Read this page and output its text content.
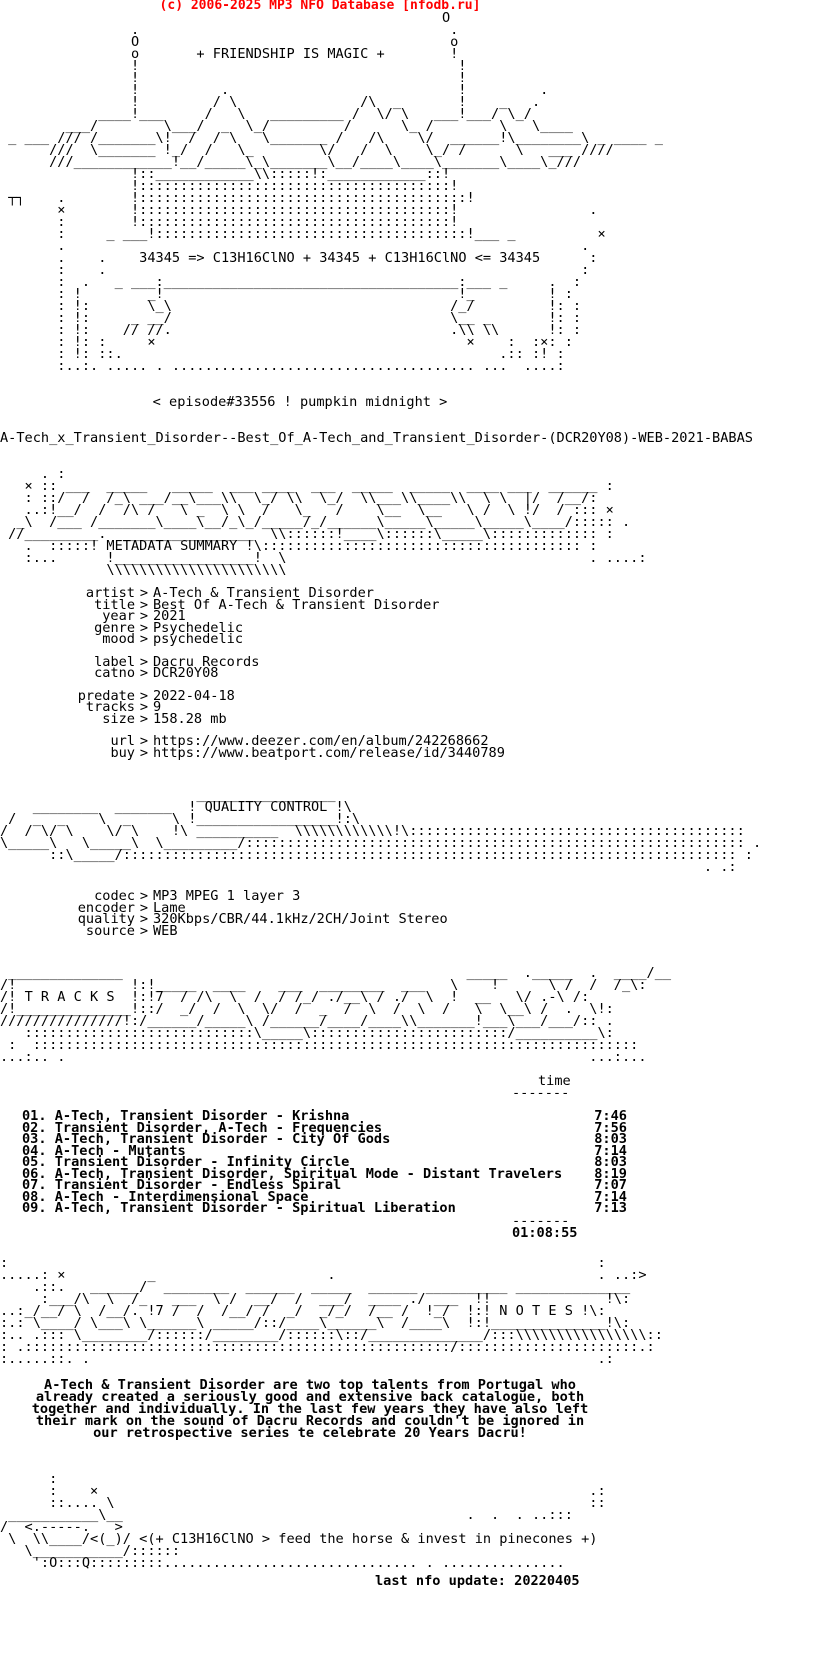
(c) 2006-2025 MP3 NFO Database [nfodb.ru]
O
.                                      .
O                                      o
o	+ FRIENDSHIP IS MAGIC +	!
!                                       !
!                                       !
!          .                            !         .
!         / \               /\  _       !    _   .
____!___     /   \   _________ /  \/ \   ___!___/ \_/
___/        \___/  _  \_/         /      \_ /        \   \____
_ ___ /// /_______\!  /  / \   \_______ /   /\    \/  ______!\________\ _ ____ _
///  \_______ !_/  /   \_        \/   /  \    \_/ /      \   ___ ////
///____________!__/_____\_\_______\__/____\____\_______\____\_///
!::____________\\:::::!:____________::!
!::::::::::::::::::::::::::::::::::::::!
┬┐    .        !::::::::::::::::::::::::::::::::::::::::!
×        !::::::::::::::::::::::::::::::::::::::!                .
:        !::::::::::::::::::::::::::::::::::::::!
:     _ ___!::::::::::::::::::::::::::::::::::::::!___ _          ×
.                                                               .
.    .    34345 => C13H16ClNO + 34345 + C13H16ClNO <= 34345	:
:    .                                                          :
:  .   _ ___:____________________________________:___ _     .  :
: !        _!                                    !_         ! :
: !:       \_\                                  /_/         !: :
: !:     _ __/                                  \__ _       !: :
: !:    // //.                                  .\\ \\      !: :
: !: :     ×                                      ×    :  :×: :
: !: ::.                                              .:: :! :
:..:. ..... . ..................................... ...  ....:
< episode#33556 ! pumpkin midnight >
A-Tech_x_Transient_Disorder--Best_Of_A-Tech_and_Transient_Disorder-(DCR20Y08)-WEB-2021-BABAS
. :
× :: ___  _____   _____  ___ ____  ___  _____  _____  ____ ___  ______ :
: ::/  /  /_\ ___/__\___\\  \_/ \\  \_/  \\___\\____\\  \ \  |/  /__/:
..:!__/  /  /\ /   \ _  \ \  /   \_   /    \__  \__   \ /  \ !/  / ::: ×
_\  /___ /_______\____\__/_\_/_____/_/______\_____\_____\_____\____/::::: .
//_________.  ________________  \\::::::!____\::::::\_____\::::::::::::: :
.  :::::! METADATA SUMMARY !\::::::::::::::::::::::::::::::::::::::: :
:...      !_________________!  \                                     . ....:
\\\\\\\\\\\\\\\\\\\\\\
artist > A-Tech & Transient Disorder
title > Best Of A-Tech & Transient Disorder
year > 2021
genre > Psychedelic
mood > psychedelic
label > Dacru Records
catno > DCR20Y08
predate > 2022-04-18
tracks > 9
size > 158.28 mb
url > https://www.deezer.com/en/album/242268662
buy > https://www.beatport.com/release/id/3440789
_________________
________  _______  ! QUALITY CONTROL !\
/  _  _    \  _     \ !_________________!:\
/  / \/ \    \/ \    !\ __________  \\\\\\\\\\\\!\:::::::::::::::::::::::::::::::::::::::::
\_____\   \_____\  \_________/::::::::::::::::::::::::::::::::::::::::::::::::::::::::::::: .
::\_____/::::::::::::::::::::::::::::::::::::::::::::::::::::::::::::::::::::::::::: :
. .:
codec > MP3 MPEG 1 layer 3
encoder > Lame
quality > 320Kbps/CBR/44.1kHz/2CH/Joint Stereo
source > WEB
______________                                          _____  ._____  .  ____/__
/!              !:!_____  ____    ___  ________  ___   \    !      \ /  /  /_\:
/! T R A C K S  !:!7  / /\  \  /  / /_/ ./__\ / ./  \  !  __   \/ .-\ /:
/!______________!::/  _/  /  \  \/  /  _  /  \  /  \  /   \  \__\ /  .  \!:
///////////////!:/______/_____\ /______/____/____\\_______!___\___/___/:: .
::::::::::::::::::::::::::::\_____\::::::::::::::::::::::::/__________\:
:  ::::::::::::::::::::::::::::::::::::::::::::::::::::::::::::::::::::::::::
...:.. .                                                                ...:...
time
-------
01. A-Tech, Transient Disorder - Krishna	7:46
02. Transient Disorder, A-Tech - Frequencies	7:56
03. A-Tech, Transient Disorder - City Of Gods	8:03
04. A-Tech - Mutants	7:14
05. Transient Disorder - Infinity Circle	8:03
06. A-Tech, Transient Disorder, Spiritual Mode - Distant Travelers 8:19
07. Transient Disorder - Endless Spiral	7:07
08. A-Tech - Interdimensional Space	7:14
09. A-Tech, Transient Disorder - Spiritual Liberation	7:13
-------
01:08:55
:                                                                        :
.....: ×          _                     .                                . ..:>
.::.   ______/  ________  ______  _____  ______ __________ ______________
:___/\  \  /_   ___  \ /  __/  /  ___/  ____ ./ ___  !!              !\:
..:_/__/ \  /__/. !7 /  /  /__/ /  _/  _/_/  /__ /  !_/  !:! N O T E S !\:
:.: \____/ \___\ \______\ _____/::/____\______\  /____\  !:!______________!\:
:.. .::: \________/::::::/________/::::::\::/______________/:::\\\\\\\\\\\\\\\\::
: .::::::::::::::::::::::::::::::::::::::::::::::::::::/::::::::::::::::::::::.:
:.....::. .                                                              .:
A-Tech & Transient Disorder are two top talents from Portugal who
already created a seriously good and extensive back catalogue, both
together and individually. In the last few years they have also left
their mark on the sound of Dacru Records and couldn't be ignored in
our retrospective series te celebrate 20 Years Dacru!
:
:    ×                                                            .:
::.... \                                                          ::
___________\__                                          .  .  . ..:::
/  <.-----.   >
\  \\____/<(_)/ <(+ C13H16ClNO > feed the horse & invest in pinecones +)
\___________/::::::
':O:::Q:::::::::............................... . ...............
last nfo update: 20220405
